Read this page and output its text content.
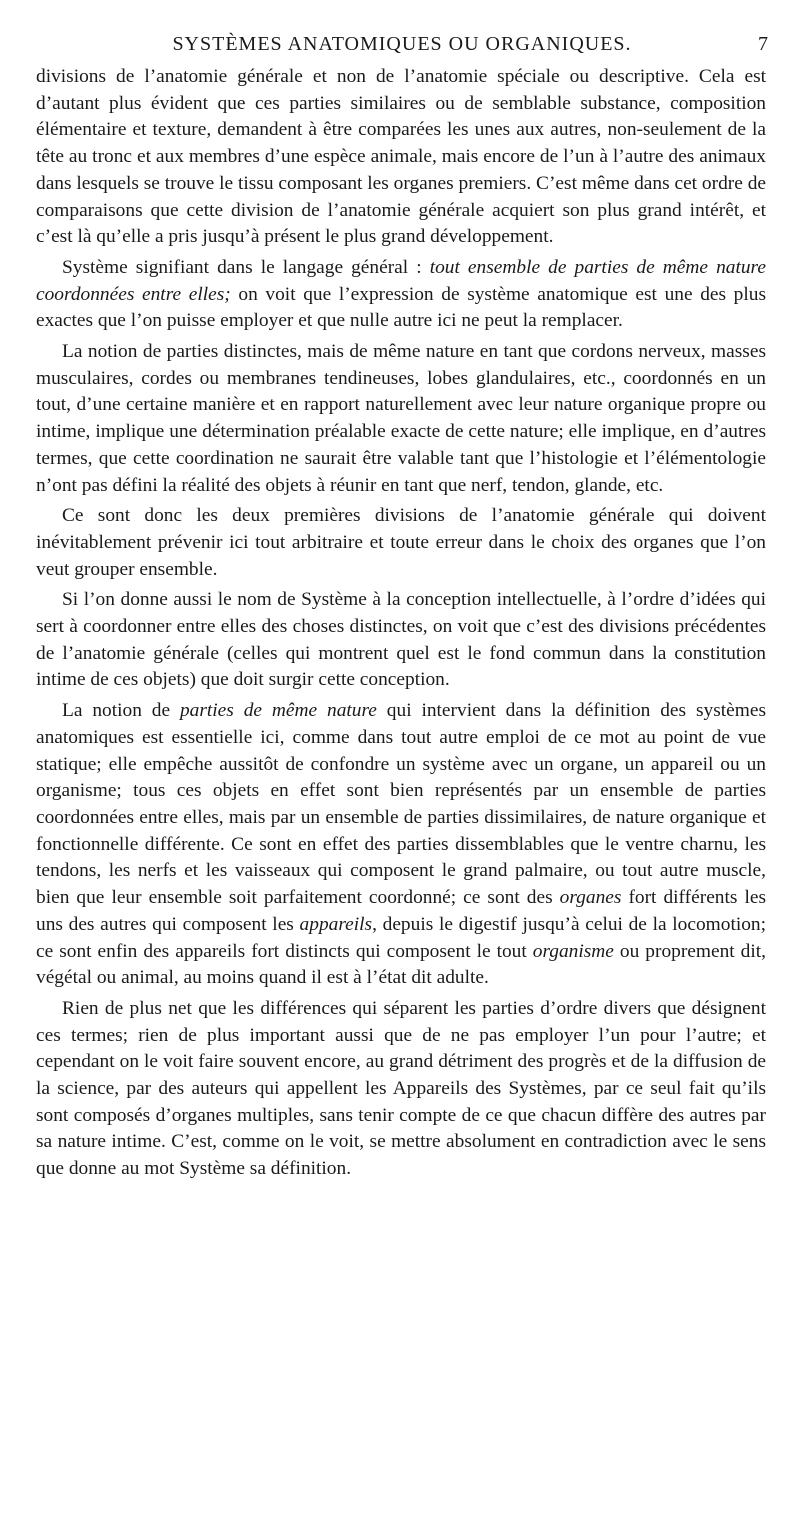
SYSTÈMES ANATOMIQUES OU ORGANIQUES.	7

divisions de l’anatomie générale et non de l’anatomie spéciale ou descriptive. Cela est d’autant plus évident que ces parties similaires ou de semblable substance, composition élémentaire et texture, demandent à être comparées les unes aux autres, non-seulement de la tête au tronc et aux membres d’une espèce animale, mais encore de l’un à l’autre des animaux dans lesquels se trouve le tissu composant les organes premiers. C’est même dans cet ordre de comparaisons que cette division de l’anatomie générale acquiert son plus grand intérêt, et c’est là qu’elle a pris jusqu’à présent le plus grand développement.

Système signifiant dans le langage général : tout ensemble de parties de même nature coordonnées entre elles; on voit que l’expression de système anatomique est une des plus exactes que l’on puisse employer et que nulle autre ici ne peut la remplacer.

La notion de parties distinctes, mais de même nature en tant que cordons nerveux, masses musculaires, cordes ou membranes tendineuses, lobes glandulaires, etc., coordonnés en un tout, d’une certaine manière et en rapport naturellement avec leur nature organique propre ou intime, implique une détermination préalable exacte de cette nature; elle implique, en d’autres termes, que cette coordination ne saurait être valable tant que l’histologie et l’élémentologie n’ont pas défini la réalité des objets à réunir en tant que nerf, tendon, glande, etc.

Ce sont donc les deux premières divisions de l’anatomie générale qui doivent inévitablement prévenir ici tout arbitraire et toute erreur dans le choix des organes que l’on veut grouper ensemble.

Si l’on donne aussi le nom de Système à la conception intellectuelle, à l’ordre d’idées qui sert à coordonner entre elles des choses distinctes, on voit que c’est des divisions précédentes de l’anatomie générale (celles qui montrent quel est le fond commun dans la constitution intime de ces objets) que doit surgir cette conception.

La notion de parties de même nature qui intervient dans la définition des systèmes anatomiques est essentielle ici, comme dans tout autre emploi de ce mot au point de vue statique; elle empêche aussitôt de confondre un système avec un organe, un appareil ou un organisme; tous ces objets en effet sont bien représentés par un ensemble de parties coordonnées entre elles, mais par un ensemble de parties dissimilaires, de nature organique et fonctionnelle différente. Ce sont en effet des parties dissemblables que le ventre charnu, les tendons, les nerfs et les vaisseaux qui composent le grand palmaire, ou tout autre muscle, bien que leur ensemble soit parfaitement coordonné; ce sont des organes fort différents les uns des autres qui composent les appareils, depuis le digestif jusqu’à celui de la locomotion; ce sont enfin des appareils fort distincts qui composent le tout organisme ou proprement dit, végétal ou animal, au moins quand il est à l’état dit adulte.

Rien de plus net que les différences qui séparent les parties d’ordre divers que désignent ces termes; rien de plus important aussi que de ne pas employer l’un pour l’autre; et cependant on le voit faire souvent encore, au grand détriment des progrès et de la diffusion de la science, par des auteurs qui appellent les Appareils des Systèmes, par ce seul fait qu’ils sont composés d’organes multiples, sans tenir compte de ce que chacun diffère des autres par sa nature intime. C’est, comme on le voit, se mettre absolument en contradiction avec le sens que donne au mot Système sa définition.
